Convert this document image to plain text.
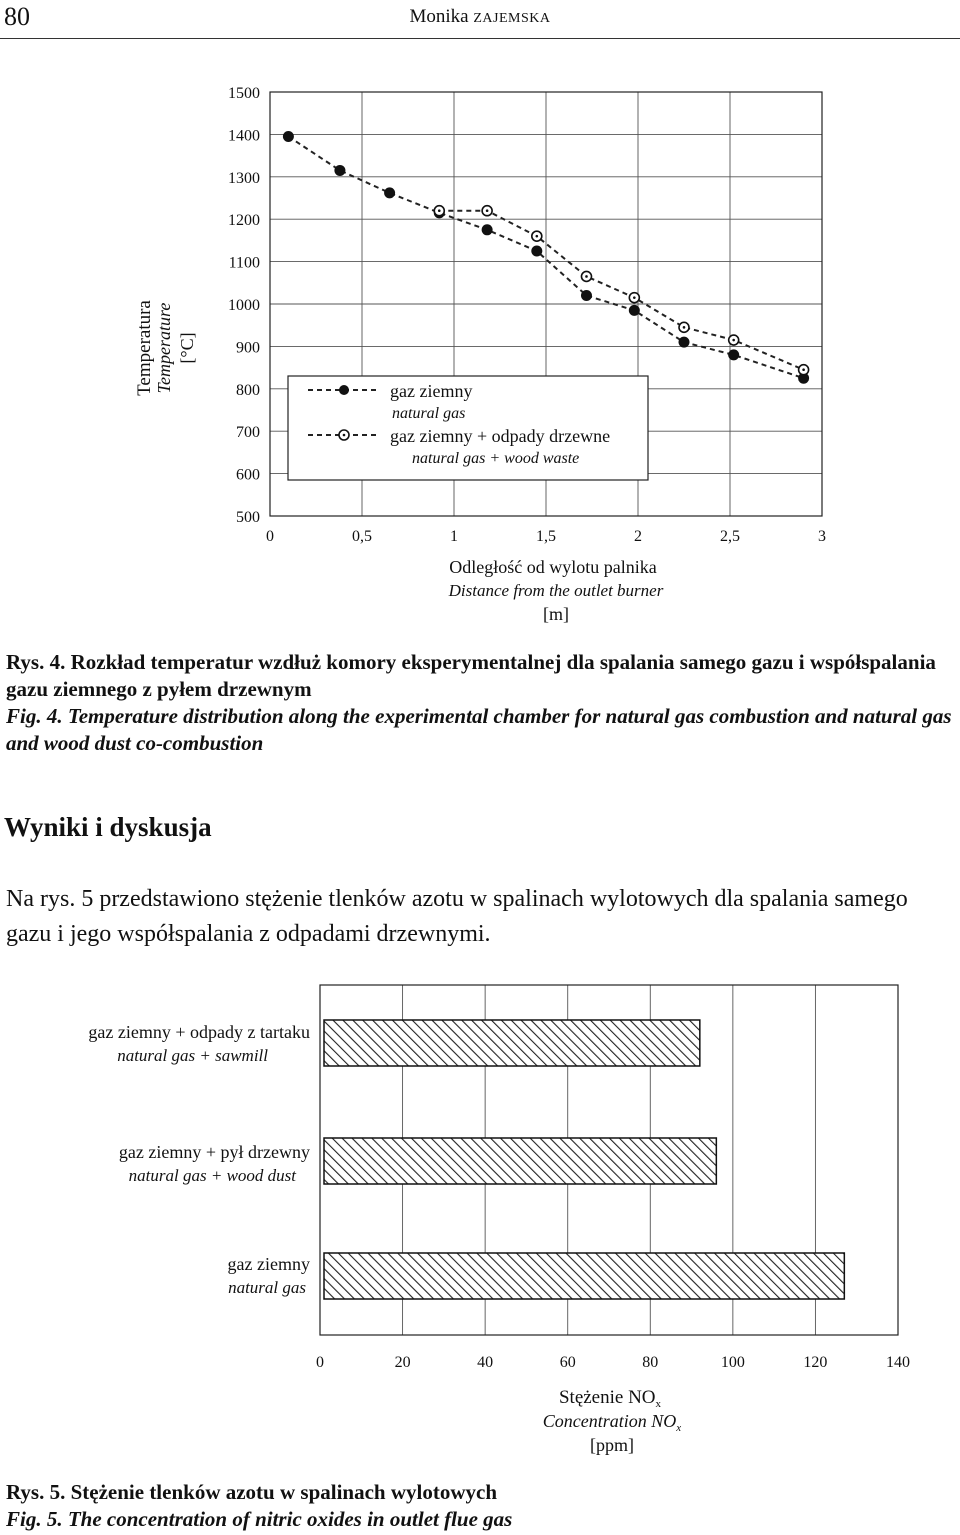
80	Monika ZAJEMSKA
500
600
700
800
900
1000
1100
1200
1300
1400
1500
0	0,5	1	1,5	2	2,5	3
Temperatura Temperature [°C]
gaz ziemny
natural gas
gaz ziemny + odpady drzewne
natural gas + wood waste
Odległość od wylotu palnika
Distance from the outlet burner
[m]
Rys. 4. Rozkład temperatur wzdłuż komory eksperymentalnej dla spalania samego gazu i współspalania gazu ziemnego z pyłem drzewnym
Fig. 4. Temperature distribution along the experimental chamber for natural gas combustion and natural gas and wood dust co-combustion
Wyniki i dyskusja
Na rys. 5 przedstawiono stężenie tlenków azotu w spalinach wylotowych dla spalania samego gazu i jego współspalania z odpadami drzewnymi.
0	20	40	60	80	100	120	140
gaz ziemny + odpady z tartaku
natural gas + sawmill
gaz ziemny + pył drzewny
natural gas + wood dust
gaz ziemny
natural gas
Stężenie $NO_x$
Concentration $NO_x$
[ppm]
Rys. 5. Stężenie tlenków azotu w spalinach wylotowych
Fig. 5. The concentration of nitric oxides in outlet flue gas
